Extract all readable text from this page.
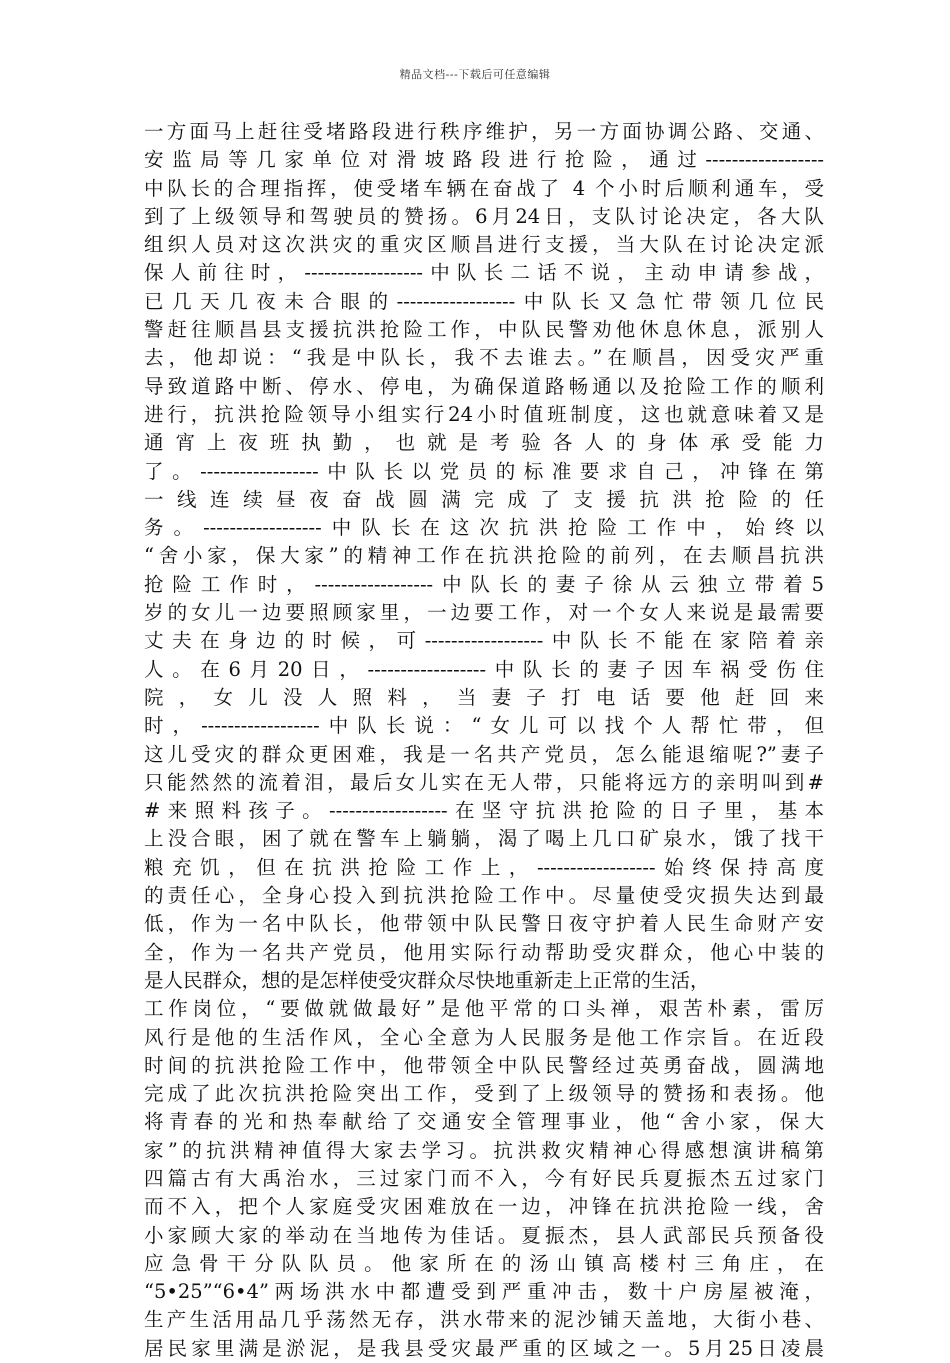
精品文档---下载后可任意编辑
一方面马上赶往受堵路段进行秩序维护，另一方面协调公路、交通、
安监局等几家单位对滑坡路段进行抢险，通过------------------
中队长的合理指挥，使受堵车辆在奋战了 4 个小时后顺利通车，受
到了上级领导和驾驶员的赞扬。6月24日，支队讨论决定，各大队
组织人员对这次洪灾的重灾区顺昌进行支援，当大队在讨论决定派
保人前往时，------------------中队长二话不说，主动申请参战，
已几天几夜未合眼的------------------中队长又急忙带领几位民
警赶往顺昌县支援抗洪抢险工作，中队民警劝他休息休息，派别人
去，他却说：“我是中队长，我不去谁去。”在顺昌，因受灾严重
导致道路中断、停水、停电，为确保道路畅通以及抢险工作的顺利
进行，抗洪抢险领导小组实行24小时值班制度，这也就意味着又是
通宵上夜班执勤，也就是考验各人的身体承受能力
了。------------------中队长以党员的标准要求自己，冲锋在第
一线连续昼夜奋战圆满完成了支援抗洪抢险的任
务。------------------中队长在这次抗洪抢险工作中，始终以
“舍小家，保大家”的精神工作在抗洪抢险的前列，在去顺昌抗洪
抢险工作时，------------------中队长的妻子徐从云独立带着5
岁的女儿一边要照顾家里，一边要工作，对一个女人来说是最需要
丈夫在身边的时候，可------------------中队长不能在家陪着亲
人。在6月20日，------------------中队长的妻子因车祸受伤住
院，女儿没人照料，当妻子打电话要他赶回来
时，------------------中队长说：“女儿可以找个人帮忙带，但
这儿受灾的群众更困难，我是一名共产党员，怎么能退缩呢?”妻子
只能然然的流着泪，最后女儿实在无人带，只能将远方的亲明叫到#
#来照料孩子。------------------在坚守抗洪抢险的日子里，基本
上没合眼，困了就在警车上躺躺，渴了喝上几口矿泉水，饿了找干
粮充饥，但在抗洪抢险工作上，------------------始终保持高度
的责任心，全身心投入到抗洪抢险工作中。尽量使受灾损失达到最
低，作为一名中队长，他带领中队民警日夜守护着人民生命财产安
全，作为一名共产党员，他用实际行动帮助受灾群众，他心中装的
是人民群众，想的是怎样使受灾群众尽快地重新走上正常的生活，
工作岗位，“要做就做最好”是他平常的口头禅，艰苦朴素，雷厉
风行是他的生活作风，全心全意为人民服务是他工作宗旨。在近段
时间的抗洪抢险工作中，他带领全中队民警经过英勇奋战，圆满地
完成了此次抗洪抢险突出工作，受到了上级领导的赞扬和表扬。他
将青春的光和热奉献给了交通安全管理事业，他“舍小家，保大
家”的抗洪精神值得大家去学习。抗洪救灾精神心得感想演讲稿第
四篇古有大禹治水，三过家门而不入，今有好民兵夏振杰五过家门
而不入，把个人家庭受灾困难放在一边，冲锋在抗洪抢险一线，舍
小家顾大家的举动在当地传为佳话。夏振杰，县人武部民兵预备役
应急骨干分队队员。他家所在的汤山镇高楼村三角庄，在
“5•25”“6•4”两场洪水中都遭受到严重冲击，数十户房屋被淹，
生产生活用品几乎荡然无存，洪水带来的泥沙铺天盖地，大街小巷、
居民家里满是淤泥，是我县受灾最严重的区域之一。5月25日凌晨
